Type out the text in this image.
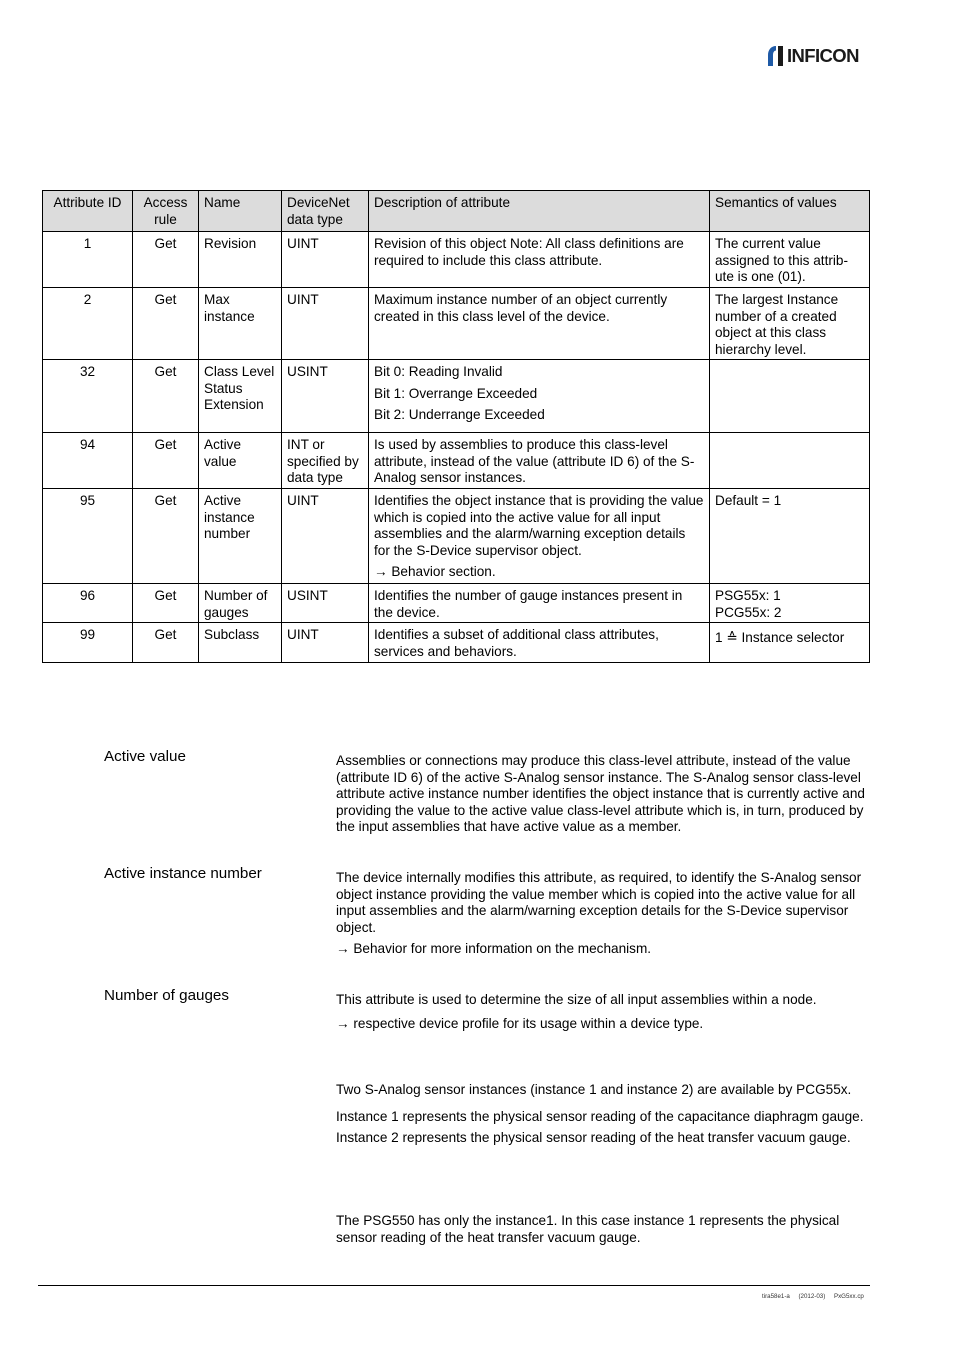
INFICON
Attribute ID	Access rule	Name	DeviceNet data type	Description of attribute	Semantics of values
1	Get	Revision	UINT	Revision of this object Note: All class definitions are required to include this class attribute.	The current value assigned to this attrib-ute is one (01).
2	Get	Max instance	UINT	Maximum instance number of an object currently created in this class level of the device.	The largest Instance number of a created object at this class hierarchy level.
32	Get	Class Level Status Extension	USINT	Bit 0: Reading Invalid

Bit 1: Overrange Exceeded

Bit 2: Underrange Exceeded	

94	Get	Active value	INT or specified by data type	Is used by assemblies to produce this class-level attribute, instead of the value (attribute ID 6) of the S-Analog sensor instances.	

95	Get	Active instance number	UINT	Identifies the object instance that is providing the value which is copied into the active value for all input assemblies and the alarm/warning exception details for the S-Device supervisor object.

→ Behavior section.	Default = 1
96	Get	Number of gauges	USINT	Identifies the number of gauge instances present in the device.	PSG55x: 1

PCG55x: 2

99	Get	Subclass	UINT	Identifies a subset of additional class attributes, services and behaviors.	1 ≙ Instance selector
Active value	Assemblies or connections may produce this class-level attribute, instead of the value (attribute ID 6) of the active S-Analog sensor instance. The S-Analog sensor class-level attribute active instance number identifies the object instance that is currently active and providing the value to the active value class-level attribute which is, in turn, produced by the input assemblies that have active value as a member.

Active instance number	The device internally modifies this attribute, as required, to identify the S-Analog sensor object instance providing the value member which is copied into the active value for all input assemblies and the alarm/warning exception details for the S-Device supervisor object.

→ Behavior for more information on the mechanism.

Number of gauges	This attribute is used to determine the size of all input assemblies within a node.

→ respective device profile for its usage within a device type.

Two S-Analog sensor instances (instance 1 and instance 2) are available by PCG55x.

Instance 1 represents the physical sensor reading of the capacitance diaphragm gauge.

Instance 2 represents the physical sensor reading of the heat transfer vacuum gauge.

The PSG550 has only the instance1. In this case instance 1 represents the physical sensor reading of the heat transfer vacuum gauge.

tira58e1-a (2012-03) PxG5xx.cp
